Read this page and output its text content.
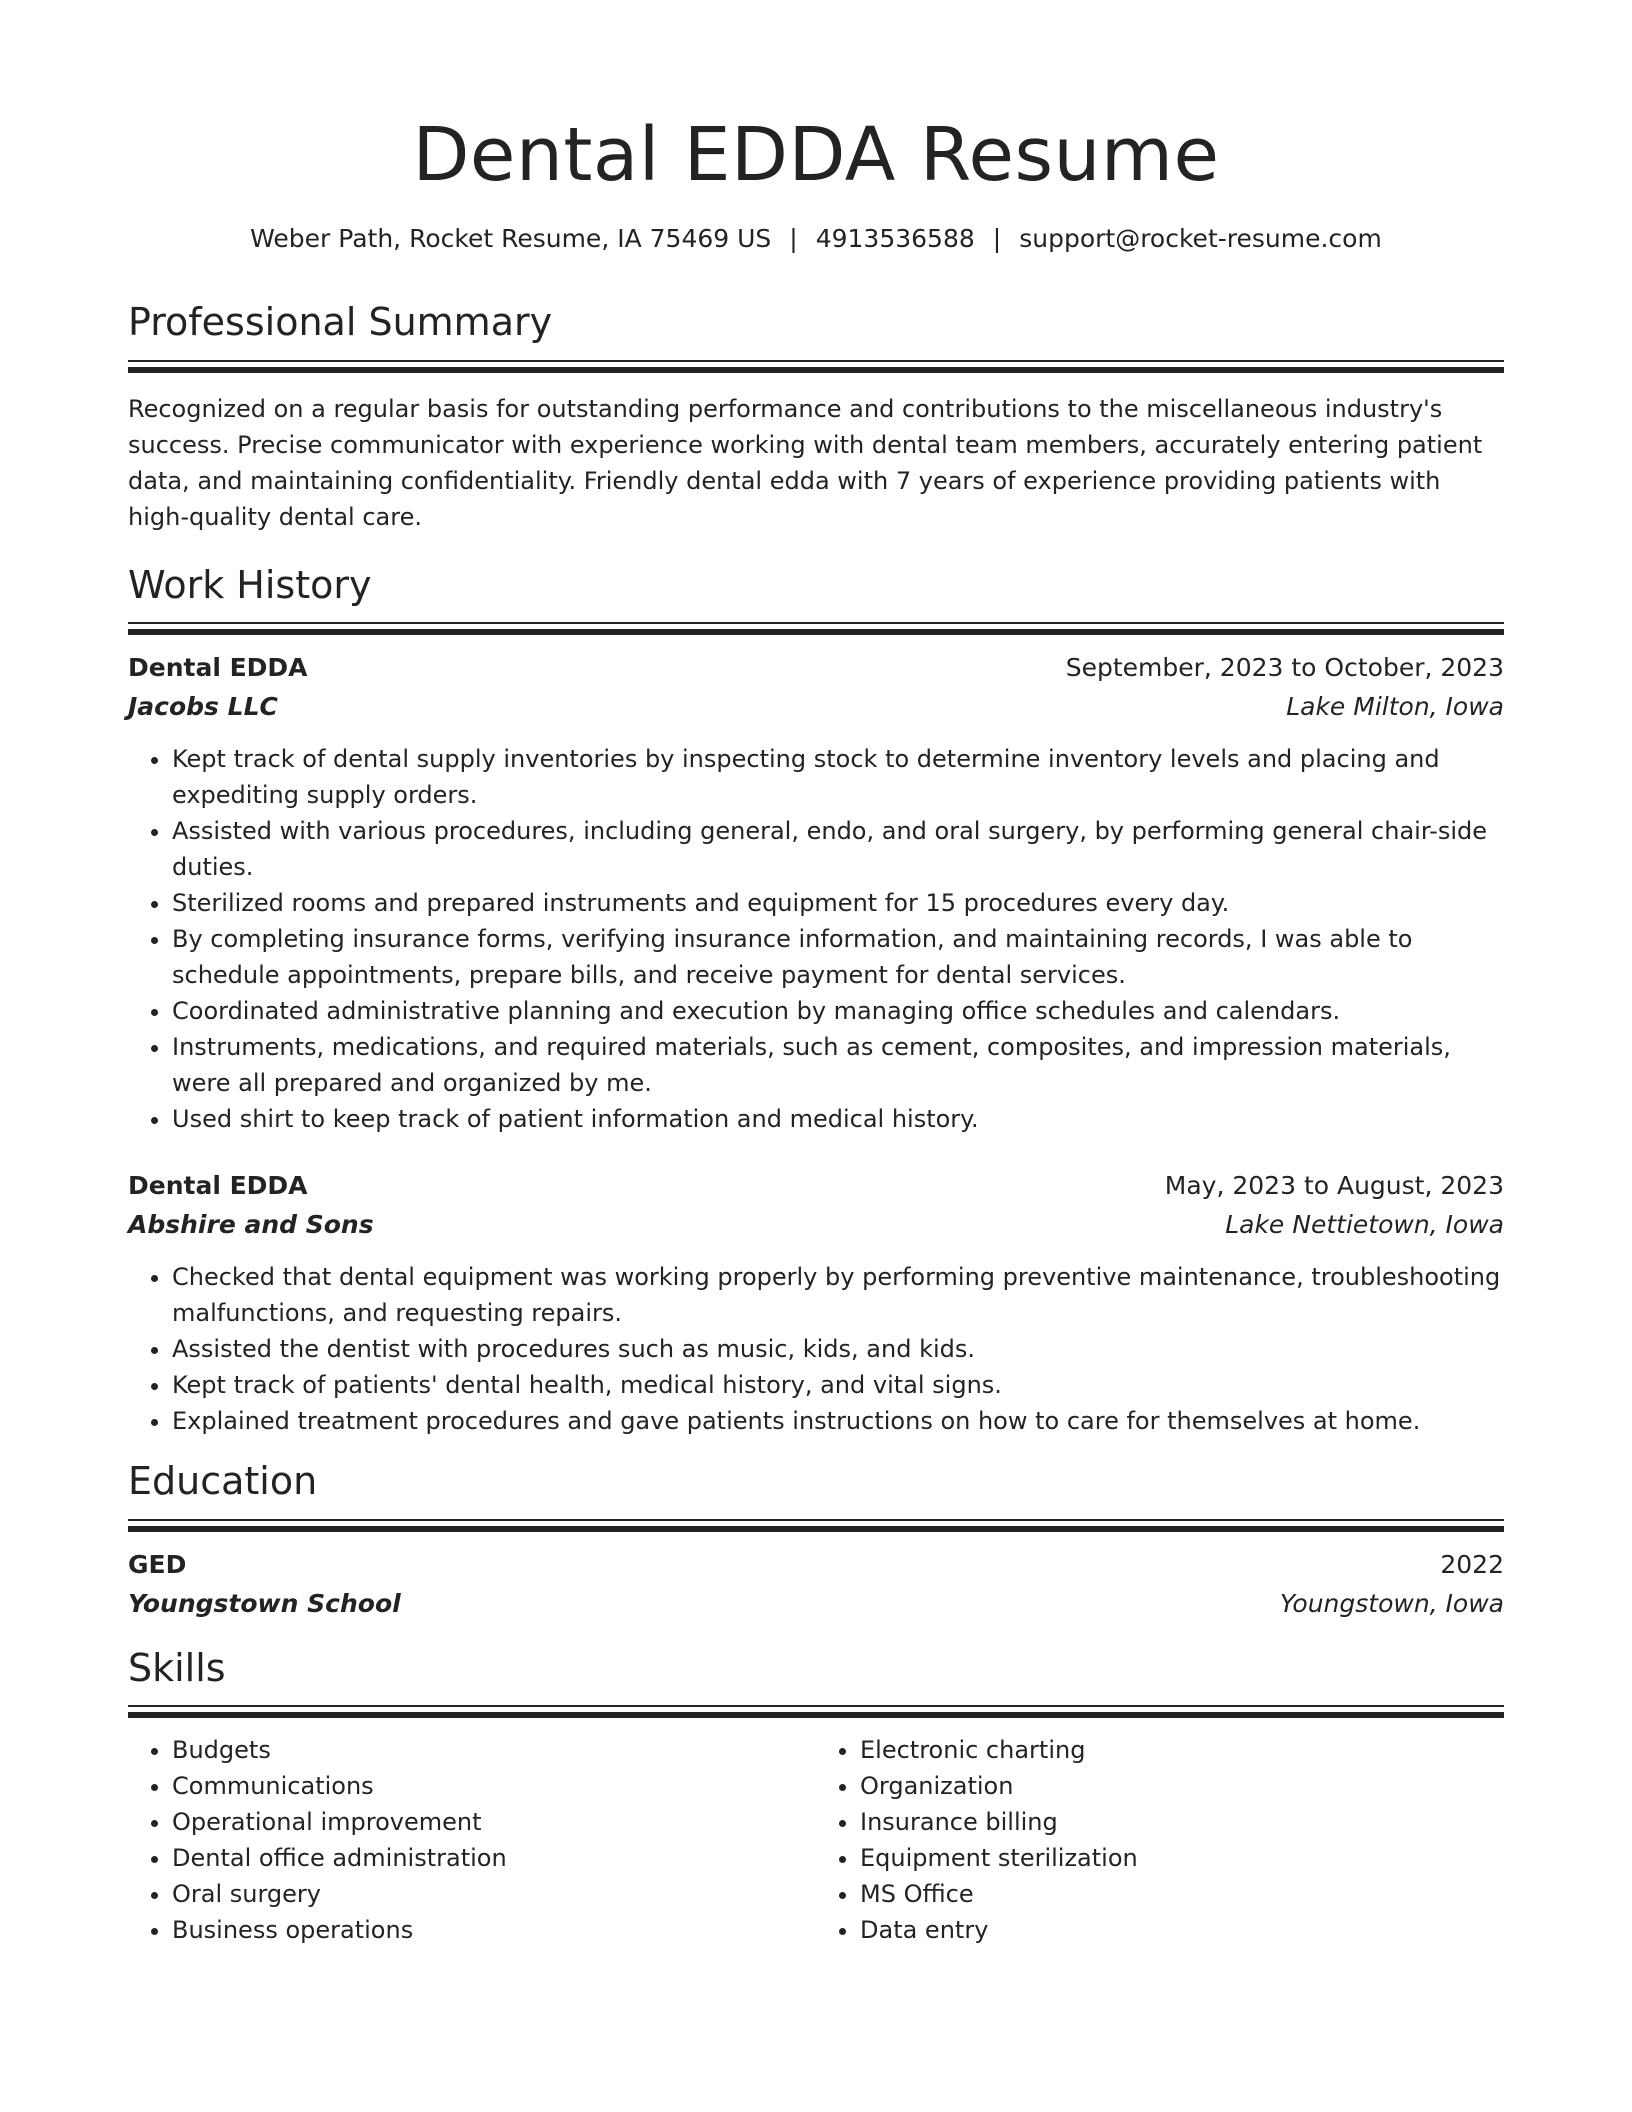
Dental EDDA Resume
Weber Path, Rocket Resume, IA 75469 US | 4913536588 | support@rocket-resume.com
Professional Summary

Recognized on a regular basis for outstanding performance and contributions to the miscellaneous industry's success. Precise communicator with experience working with dental team members, accurately entering patient data, and maintaining confidentiality. Friendly dental edda with 7 years of experience providing patients with high-quality dental care.

Work History
Dental EDDA	September, 2023 to October, 2023
Jacobs LLC	Lake Milton, Iowa
• Kept track of dental supply inventories by inspecting stock to determine inventory levels and placing and expediting supply orders.
• Assisted with various procedures, including general, endo, and oral surgery, by performing general chair-side duties.
• Sterilized rooms and prepared instruments and equipment for 15 procedures every day.
• By completing insurance forms, verifying insurance information, and maintaining records, I was able to schedule appointments, prepare bills, and receive payment for dental services.
• Coordinated administrative planning and execution by managing office schedules and calendars.
• Instruments, medications, and required materials, such as cement, composites, and impression materials, were all prepared and organized by me.
• Used shirt to keep track of patient information and medical history.
Dental EDDA	May, 2023 to August, 2023
Abshire and Sons	Lake Nettietown, Iowa
• Checked that dental equipment was working properly by performing preventive maintenance, troubleshooting malfunctions, and requesting repairs.
• Assisted the dentist with procedures such as music, kids, and kids.
• Kept track of patients' dental health, medical history, and vital signs.
• Explained treatment procedures and gave patients instructions on how to care for themselves at home.
Education
GED	2022
Youngstown School	Youngstown, Iowa
Skills
• Budgets
• Communications
• Operational improvement
• Dental office administration
• Oral surgery
• Business operations
• Electronic charting
• Organization
• Insurance billing
• Equipment sterilization
• MS Office
• Data entry
